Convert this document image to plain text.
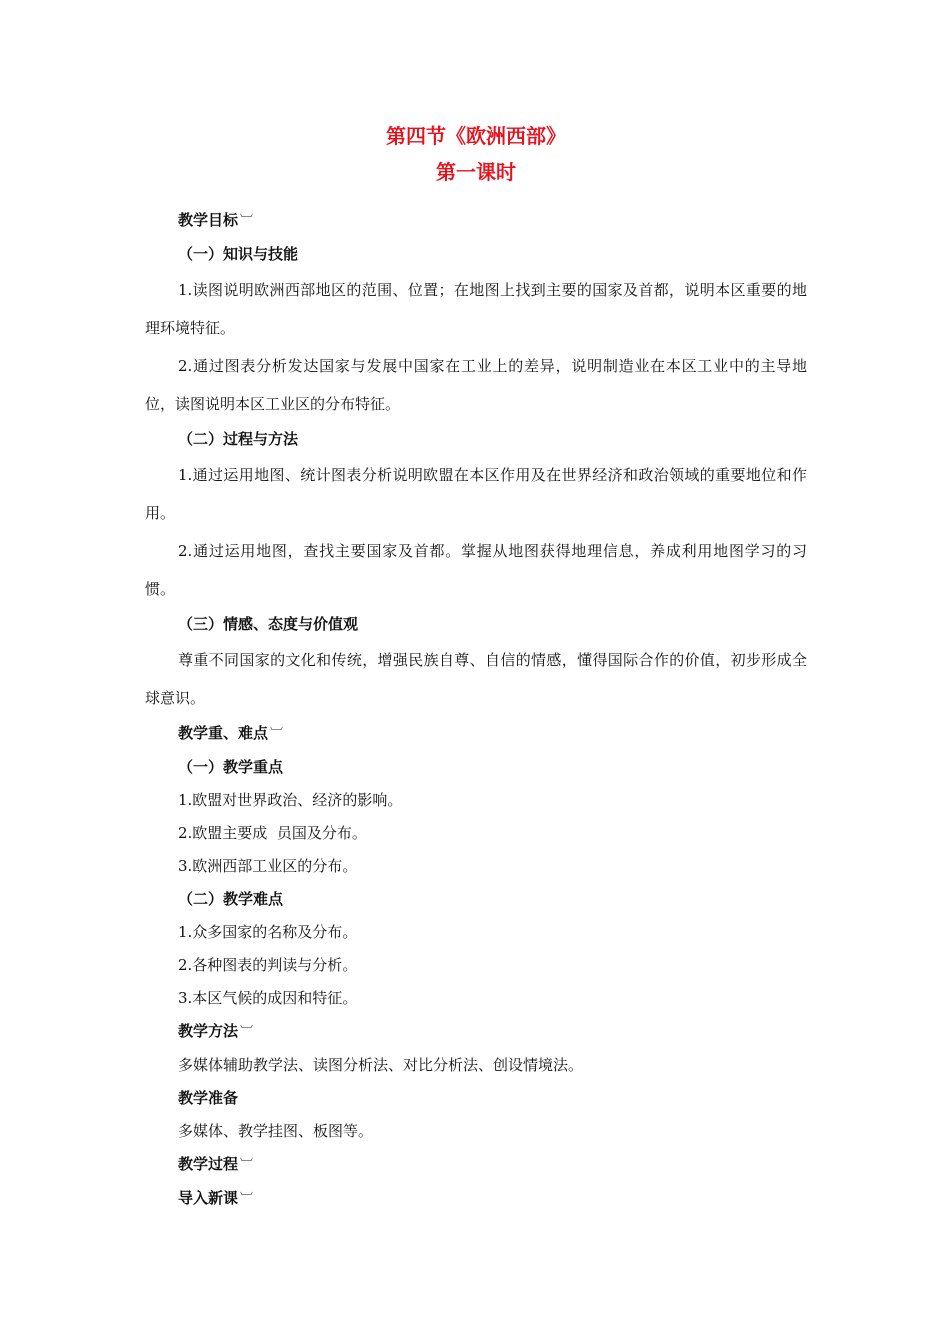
第四节《欧洲西部》
第一课时

教学目标 ︺

（一）知识与技能

1.读图说明欧洲西部地区的范围、位置；在地图上找到主要的国家及首都，说明本区重要的地理环境特征。

2.通过图表分析发达国家与发展中国家在工业上的差异，说明制造业在本区工业中的主导地位，读图说明本区工业区的分布特征。

（二）过程与方法

1.通过运用地图、统计图表分析说明欧盟在本区作用及在世界经济和政治领域的重要地位和作用。

2.通过运用地图，查找主要国家及首都。掌握从地图获得地理信息，养成利用地图学习的习惯。

（三）情感、态度与价值观

尊重不同国家的文化和传统，增强民族自尊、自信的情感，懂得国际合作的价值，初步形成全球意识。

教学重、难点 ︺

（一）教学重点

1.欧盟对世界政治、经济的影响。

2.欧盟主要成  员国及分布。

3.欧洲西部工业区的分布。

（二）教学难点

1.众多国家的名称及分布。

2.各种图表的判读与分析。

3.本区气候的成因和特征。

教学方法 ︺

多媒体辅助教学法、读图分析法、对比分析法、创设情境法。

教学准备

多媒体、教学挂图、板图等。

教学过程 ︺

导入新课 ︺
